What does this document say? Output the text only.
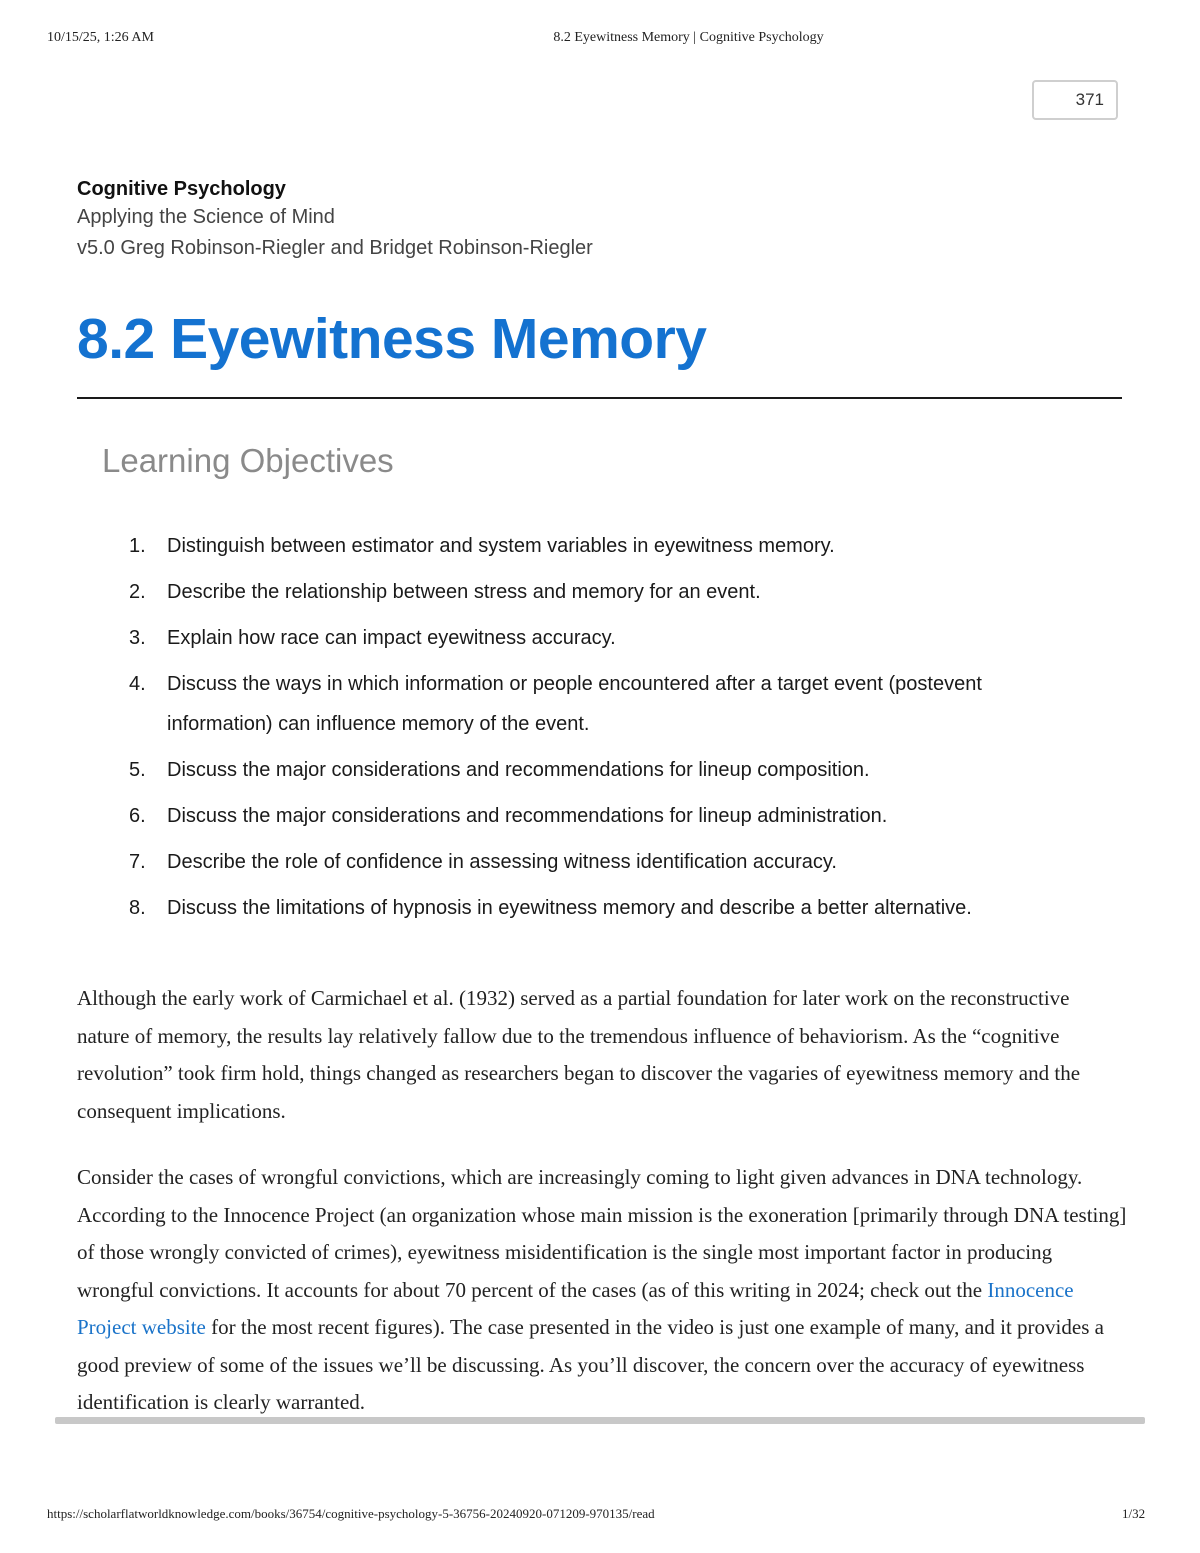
10/15/25, 1:26 AM	8.2 Eyewitness Memory | Cognitive Psychology
371
Cognitive Psychology
Applying the Science of Mind
v5.0 Greg Robinson-Riegler and Bridget Robinson-Riegler
8.2 Eyewitness Memory
Learning Objectives
1. Distinguish between estimator and system variables in eyewitness memory.
2. Describe the relationship between stress and memory for an event.
3. Explain how race can impact eyewitness accuracy.
4. Discuss the ways in which information or people encountered after a target event (postevent information) can influence memory of the event.
5. Discuss the major considerations and recommendations for lineup composition.
6. Discuss the major considerations and recommendations for lineup administration.
7. Describe the role of confidence in assessing witness identification accuracy.
8. Discuss the limitations of hypnosis in eyewitness memory and describe a better alternative.

Although the early work of Carmichael et al. (1932) served as a partial foundation for later work on the reconstructive nature of memory, the results lay relatively fallow due to the tremendous influence of behaviorism. As the “cognitive revolution” took firm hold, things changed as researchers began to discover the vagaries of eyewitness memory and the consequent implications.

Consider the cases of wrongful convictions, which are increasingly coming to light given advances in DNA technology. According to the Innocence Project (an organization whose main mission is the exoneration [primarily through DNA testing] of those wrongly convicted of crimes), eyewitness misidentification is the single most important factor in producing wrongful convictions. It accounts for about 70 percent of the cases (as of this writing in 2024; check out the Innocence Project website for the most recent figures). The case presented in the video is just one example of many, and it provides a good preview of some of the issues we’ll be discussing. As you’ll discover, the concern over the accuracy of eyewitness identification is clearly warranted.

https://scholarflatworldknowledge.com/books/36754/cognitive-psychology-5-36756-20240920-071209-970135/read	1/32
